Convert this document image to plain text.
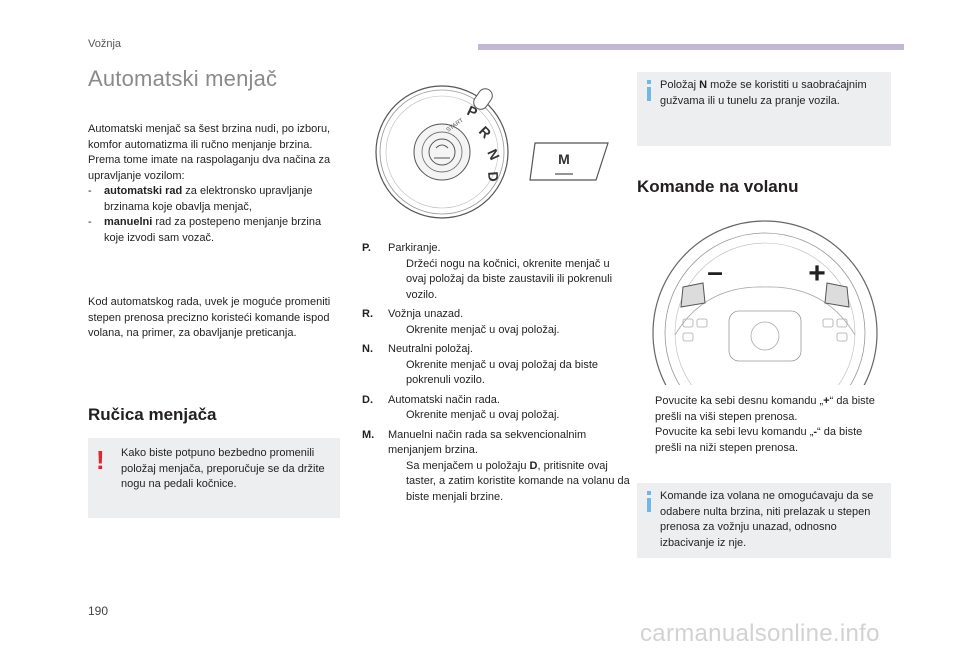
Vožnja
Automatski menjač
Automatski menjač sa šest brzina nudi, po izboru, komfor automatizma ili ručno menjanje brzina.
Prema tome imate na raspolaganju dva načina za upravljanje vozilom:
-	automatski rad za elektronsko upravljanje brzinama koje obavlja menjač,
-	manuelni rad za postepeno menjanje brzina koje izvodi sam vozač.
Kod automatskog rada, uvek je moguće promeniti stepen prenosa precizno koristeći komande ispod volana, na primer, za obavljanje preticanja.
Ručica menjača
! Kako biste potpuno bezbedno promenili položaj menjača, preporučuje se da držite nogu na pedali kočnice.
START
P
R
N
D
M
P.	Parkiranje.
Držeći nogu na kočnici, okrenite menjač u ovaj položaj da biste zaustavili ili pokrenuli vozilo.
R.	Vožnja unazad.
Okrenite menjač u ovaj položaj.
N.	Neutralni položaj.
Okrenite menjač u ovaj položaj da biste pokrenuli vozilo.
D.	Automatski način rada.
Okrenite menjač u ovaj položaj.
M.	Manuelni način rada sa sekvencionalnim menjanjem brzina.
Sa menjačem u položaju D, pritisnite ovaj taster, a zatim koristite komande na volanu da biste menjali brzine.
Položaj N može se koristiti u saobraćajnim gužvama ili u tunelu za pranje vozila.
Komande na volanu
–	+
Povucite ka sebi desnu komandu „+“ da biste prešli na viši stepen prenosa.
Povucite ka sebi levu komandu „-“ da biste prešli na niži stepen prenosa.
Komande iza volana ne omogućavaju da se odabere nulta brzina, niti prelazak u stepen prenosa za vožnju unazad, odnosno izbacivanje iz nje.
190
carmanualsonline.info
